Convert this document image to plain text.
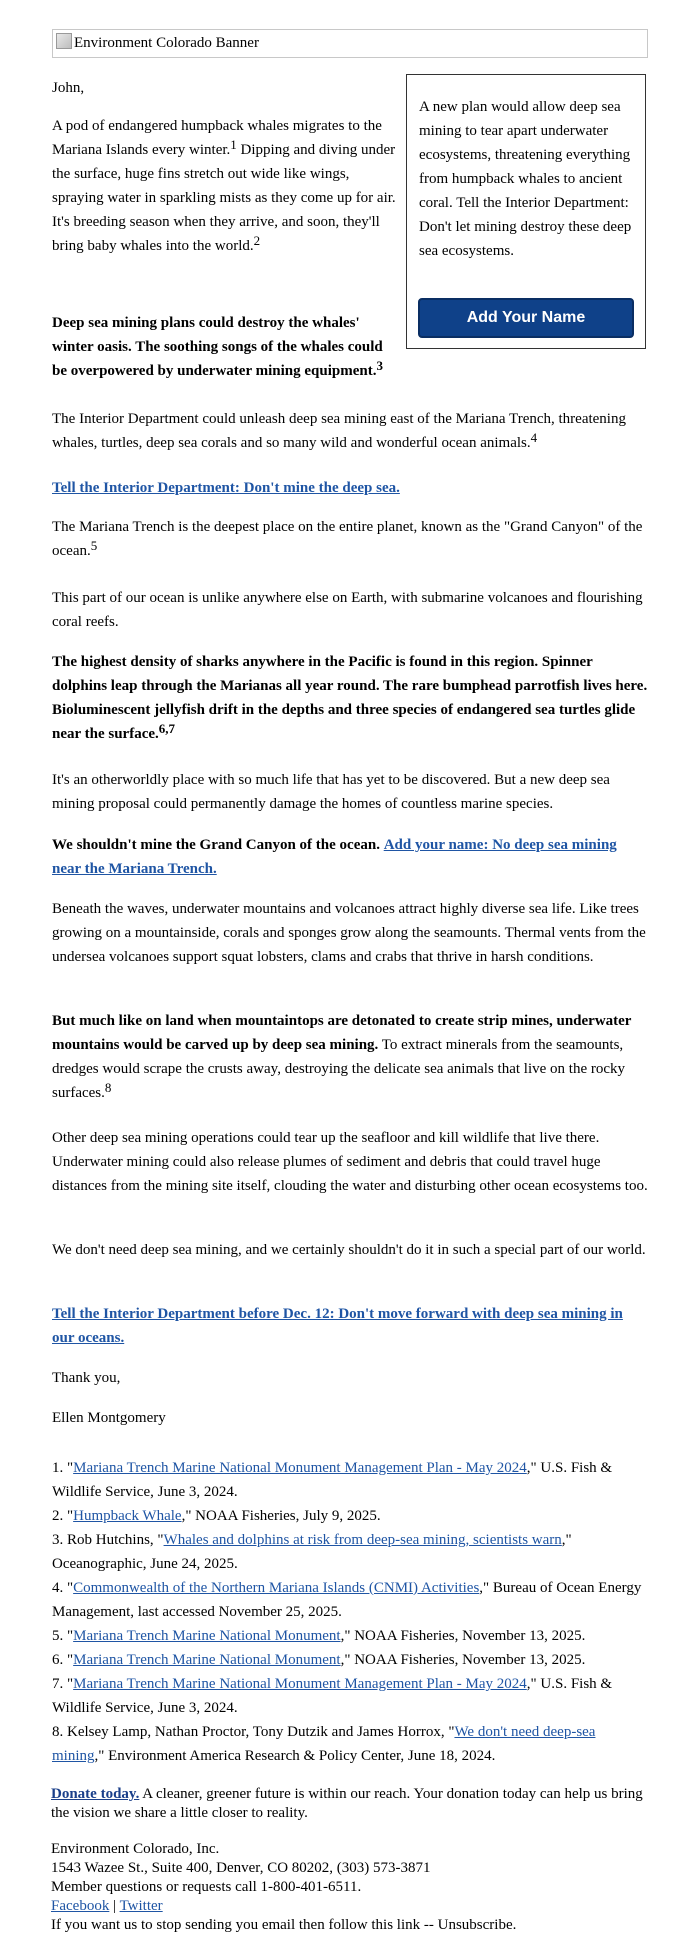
Environment Colorado Banner

John,

A new plan would allow deep sea mining to tear apart underwater ecosystems, threatening everything from humpback whales to ancient coral. Tell the Interior Department: Don't let mining destroy these deep sea ecosystems.

Add Your Name

A pod of endangered humpback whales migrates to the Mariana Islands every winter.$^1$ Dipping and diving under the surface, huge fins stretch out wide like wings, spraying water in sparkling mists as they come up for air. It's breeding season when they arrive, and soon, they'll bring baby whales into the world.$^2$

Deep sea mining plans could destroy the whales' winter oasis. The soothing songs of the whales could be overpowered by underwater mining equipment.$^3$

The Interior Department could unleash deep sea mining east of the Mariana Trench, threatening whales, turtles, deep sea corals and so many wild and wonderful ocean animals.$^4$

Tell the Interior Department: Don't mine the deep sea.

The Mariana Trench is the deepest place on the entire planet, known as the "Grand Canyon" of the ocean.$^5$

This part of our ocean is unlike anywhere else on Earth, with submarine volcanoes and flourishing coral reefs.

The highest density of sharks anywhere in the Pacific is found in this region. Spinner dolphins leap through the Marianas all year round. The rare bumphead parrotfish lives here. Bioluminescent jellyfish drift in the depths and three species of endangered sea turtles glide near the surface.$^{6,7}$

It's an otherworldly place with so much life that has yet to be discovered. But a new deep sea mining proposal could permanently damage the homes of countless marine species.

We shouldn't mine the Grand Canyon of the ocean. Add your name: No deep sea mining near the Mariana Trench.

Beneath the waves, underwater mountains and volcanoes attract highly diverse sea life. Like trees growing on a mountainside, corals and sponges grow along the seamounts. Thermal vents from the undersea volcanoes support squat lobsters, clams and crabs that thrive in harsh conditions.

But much like on land when mountaintops are detonated to create strip mines, underwater mountains would be carved up by deep sea mining. To extract minerals from the seamounts, dredges would scrape the crusts away, destroying the delicate sea animals that live on the rocky surfaces.$^8$

Other deep sea mining operations could tear up the seafloor and kill wildlife that live there. Underwater mining could also release plumes of sediment and debris that could travel huge distances from the mining site itself, clouding the water and disturbing other ocean ecosystems too.

We don't need deep sea mining, and we certainly shouldn't do it in such a special part of our world.

Tell the Interior Department before Dec. 12: Don't move forward with deep sea mining in our oceans.

Thank you,

Ellen Montgomery

1. "Mariana Trench Marine National Monument Management Plan - May 2024," U.S. Fish & Wildlife Service, June 3, 2024.
2. "Humpback Whale," NOAA Fisheries, July 9, 2025.
3. Rob Hutchins, "Whales and dolphins at risk from deep-sea mining, scientists warn," Oceanographic, June 24, 2025.
4. "Commonwealth of the Northern Mariana Islands (CNMI) Activities," Bureau of Ocean Energy Management, last accessed November 25, 2025.
5. "Mariana Trench Marine National Monument," NOAA Fisheries, November 13, 2025.
6. "Mariana Trench Marine National Monument," NOAA Fisheries, November 13, 2025.
7. "Mariana Trench Marine National Monument Management Plan - May 2024," U.S. Fish & Wildlife Service, June 3, 2024.
8. Kelsey Lamp, Nathan Proctor, Tony Dutzik and James Horrox, "We don't need deep-sea mining," Environment America Research & Policy Center, June 18, 2024.
Donate today. A cleaner, greener future is within our reach. Your donation today can help us bring the vision we share a little closer to reality.
Environment Colorado, Inc.
1543 Wazee St., Suite 400, Denver, CO 80202, (303) 573-3871
Member questions or requests call 1-800-401-6511.
Facebook | Twitter
If you want us to stop sending you email then follow this link -- Unsubscribe.
